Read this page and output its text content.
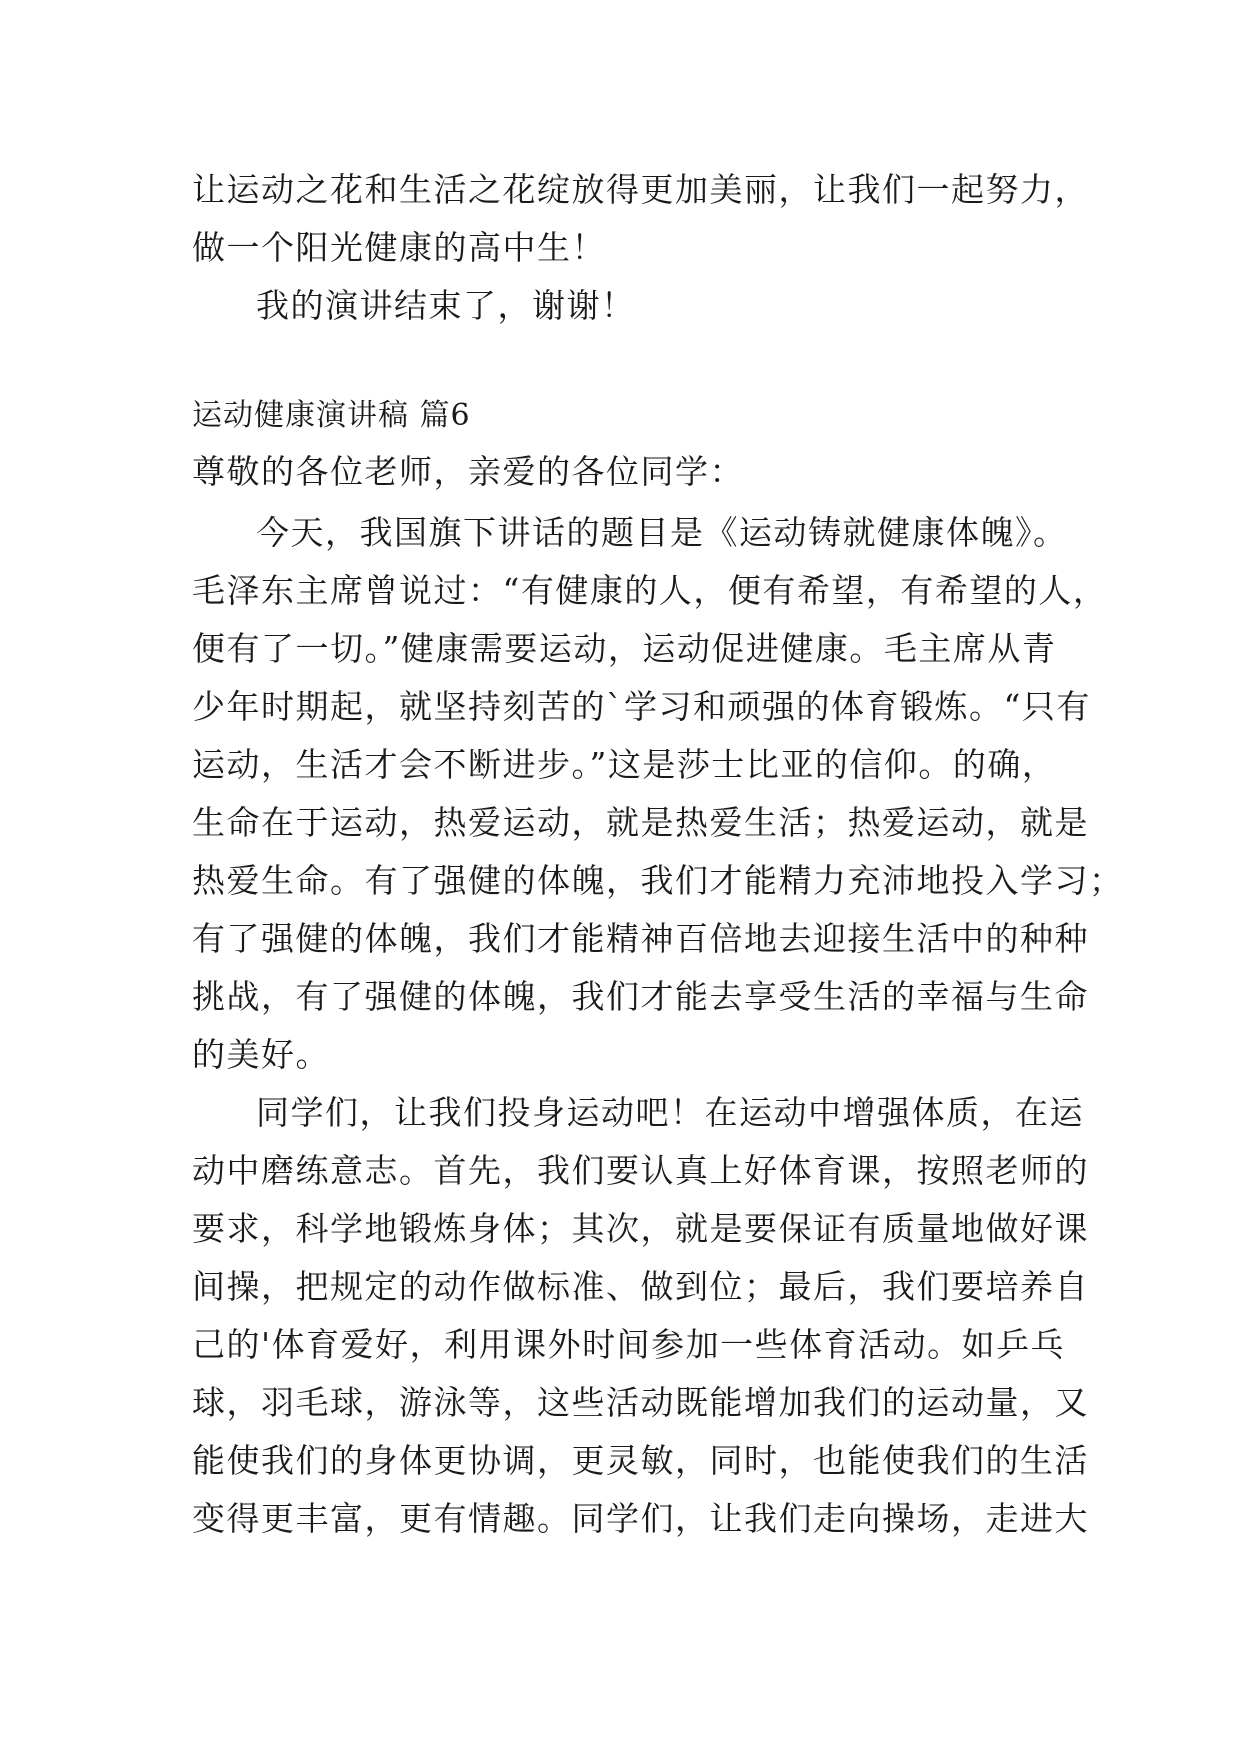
让运动之花和生活之花绽放得更加美丽，让我们一起努力，
做一个阳光健康的高中生！
我的演讲结束了，谢谢！
运动健康演讲稿 篇6
尊敬的各位老师，亲爱的各位同学：
今天，我国旗下讲话的题目是《运动铸就健康体魄》。
毛泽东主席曾说过：“有健康的人，便有希望，有希望的人，
便有了一切。”健康需要运动，运动促进健康。毛主席从青
少年时期起，就坚持刻苦的`学习和顽强的体育锻炼。“只有
运动，生活才会不断进步。”这是莎士比亚的信仰。的确，
生命在于运动，热爱运动，就是热爱生活；热爱运动，就是
热爱生命。有了强健的体魄，我们才能精力充沛地投入学习；
有了强健的体魄，我们才能精神百倍地去迎接生活中的种种
挑战，有了强健的体魄，我们才能去享受生活的幸福与生命
的美好。
同学们，让我们投身运动吧！在运动中增强体质，在运
动中磨练意志。首先，我们要认真上好体育课，按照老师的
要求，科学地锻炼身体；其次，就是要保证有质量地做好课
间操，把规定的动作做标准、做到位；最后，我们要培养自
己的'体育爱好，利用课外时间参加一些体育活动。如乒乓
球，羽毛球，游泳等，这些活动既能增加我们的运动量，又
能使我们的身体更协调，更灵敏，同时，也能使我们的生活
变得更丰富，更有情趣。同学们，让我们走向操场，走进大
